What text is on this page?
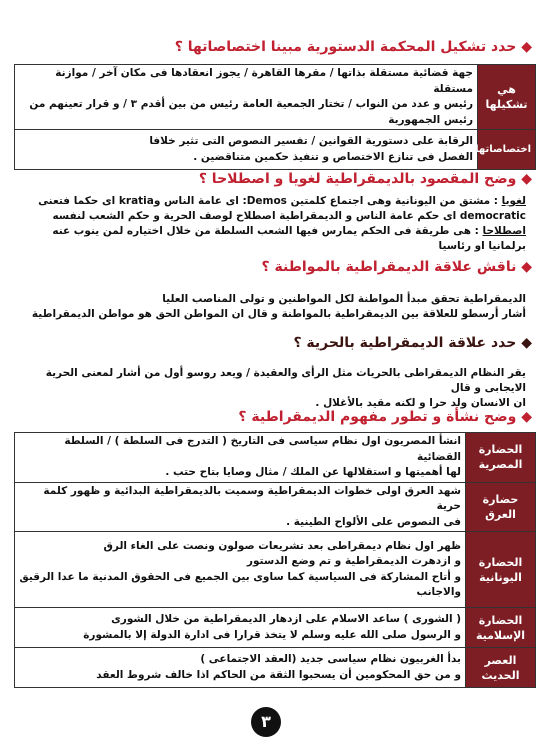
◆ حدد تشكيل المحكمة الدستورية مبينا اختصاصاتها ؟
هي تشكيلها	جهة قضائية مستقلة بذاتها / مقرها القاهرة / يجوز انعقادها فى مكان آخر / موازنة مستقلة
رئيس و عدد من النواب / تختار الجمعية العامة رئيس من بين أقدم ٣ / و قرار تعينهم من رئيس الجمهورية

اختصاصاتها	الرقابة على دستورية القوانين / تفسير النصوص التى تثير خلافا
الفصل فى تنازع الاختصاص و تنفيذ حكمين متناقضين .
◆ وضح المقصود بالديمقراطية لغويا و اصطلاحا ؟
لغويا : مشتق من اليونانية وهى اجتماع كلمتين Demos: اى عامة الناس وkratia اى حكما فتعنى
democratic اى حكم عامة الناس و الديمقراطية اصطلاح لوصف الحرية و حكم الشعب لنفسه
اصطلاحا : هى طريقة فى الحكم يمارس فيها الشعب السلطة من خلال اختياره لمن ينوب عنه برلمانيا او رئاسيا
◆ ناقش علاقة الديمقراطية بالمواطنة ؟
الديمقراطية تحقق مبدأ المواطنة لكل المواطنين و تولى المناصب العليا
أشار أرسطو للعلاقة بين الديمقراطية بالمواطنة و قال ان المواطن الحق هو مواطن الديمقراطية
◆ حدد علاقة الديمقراطية بالحرية ؟
يقر النظام الديمقراطى بالحريات مثل الرأى والعقيدة / ويعد روسو أول من أشار لمعنى الحرية الايجابى و قال
ان الانسان ولد حرا و لكنه مقيد بالأغلال .
◆ وضح نشأة و تطور مفهوم الديمقراطية ؟
الحضارة المصرية	انشأ المصريون اول نظام سياسى فى التاريخ ( التدرج فى السلطة ) / السلطة القضائية
لها أهميتها و استقلالها عن الملك / مثال وصايا بتاح حتب .

حضارة العرق	شهد العرق اولى خطوات الديمقراطية وسميت بالديمقراطية البدائية و ظهور كلمة حرية
فى النصوص على الألواح الطينية .

الحضارة اليونانية	ظهر اول نظام ديمقراطى بعد تشريعات صولون ونصت على الغاء الرق
و ازدهرت الديمقراطية و تم وضع الدستور
و أتاح المشاركة فى السياسية كما ساوى بين الجميع فى الحقوق المدنية ما عدا الرقيق
والاجانب

الحضارة الإسلامية	( الشورى ) ساعد الاسلام على ازدهار الديمقراطية من خلال الشورى
و الرسول صلى الله عليه وسلم لا يتخذ قرارا فى ادارة الدولة إلا بالمشورة

العصر الحديث	بدأ الغربيون نظام سياسى جديد (العقد الاجتماعى )
و من حق المحكومين أن يسحبوا الثقة من الحاكم اذا خالف شروط العقد
٣
